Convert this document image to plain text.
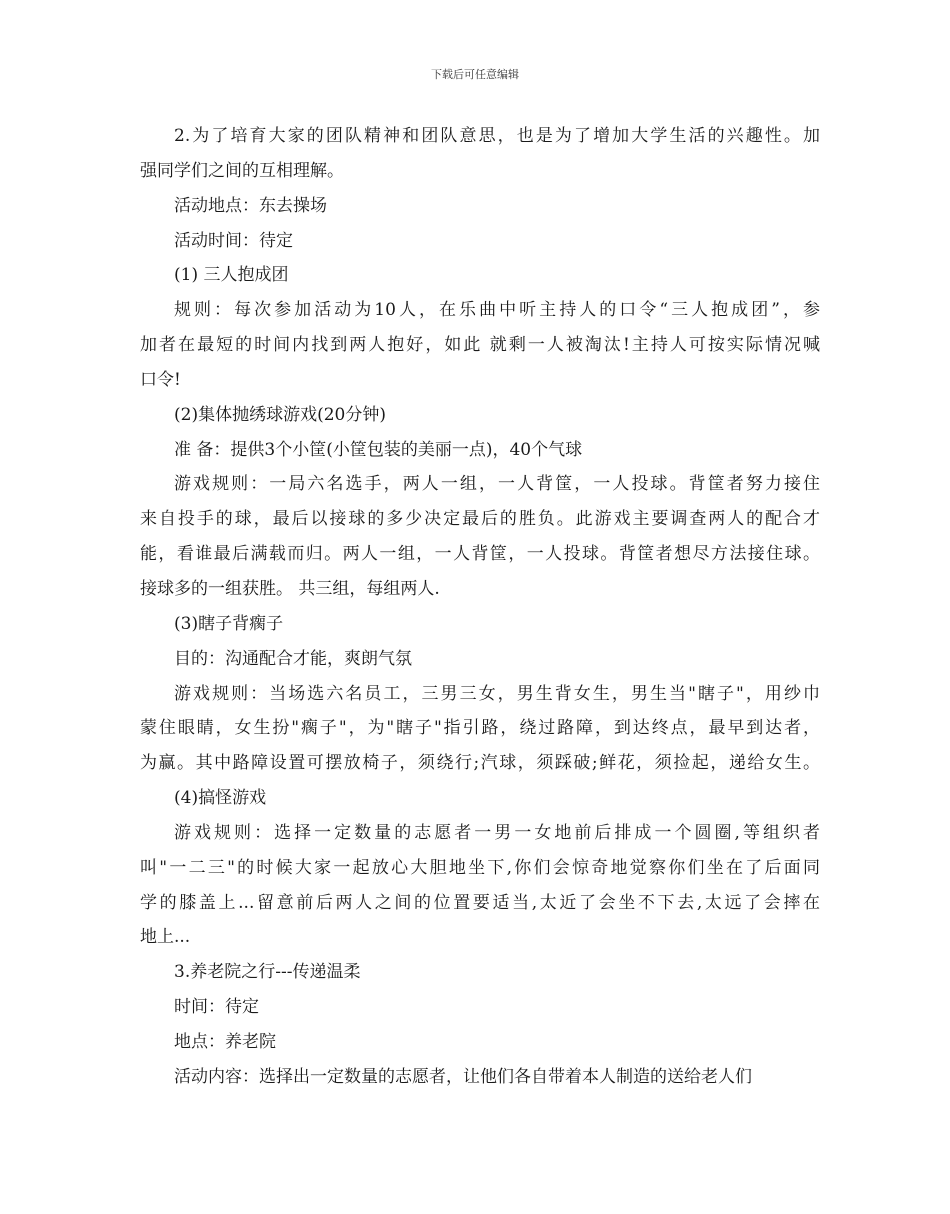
下载后可任意编辑
2.为了培育大家的团队精神和团队意思，也是为了增加大学生活的兴趣性。加
强同学们之间的互相理解。
活动地点：东去操场
活动时间：待定
(1) 三人抱成团
规则：每次参加活动为10人，在乐曲中听主持人的口令“三人抱成团”，参
加者在最短的时间内找到两人抱好，如此 就剩一人被淘汰!主持人可按实际情况喊
口令!
(2)集体抛绣球游戏(20分钟)
准 备：提供3个小筐(小筐包装的美丽一点)，40个气球
游戏规则：一局六名选手，两人一组，一人背筐，一人投球。背筐者努力接住
来自投手的球，最后以接球的多少决定最后的胜负。此游戏主要调查两人的配合才
能，看谁最后满载而归。两人一组，一人背筐，一人投球。背筐者想尽方法接住球。
接球多的一组获胜。 共三组，每组两人.
(3)瞎子背瘸子
目的：沟通配合才能，爽朗气氛
游戏规则：当场选六名员工，三男三女，男生背女生，男生当"瞎子"，用纱巾
蒙住眼睛，女生扮"瘸子"，为"瞎子"指引路，绕过路障，到达终点，最早到达者，
为赢。其中路障设置可摆放椅子，须绕行;汽球，须踩破;鲜花，须捡起，递给女生。
(4)搞怪游戏
游戏规则：选择一定数量的志愿者一男一女地前后排成一个圆圈,等组织者
叫"一二三"的时候大家一起放心大胆地坐下,你们会惊奇地觉察你们坐在了后面同
学的膝盖上...留意前后两人之间的位置要适当,太近了会坐不下去,太远了会摔在
地上...
3.养老院之行---传递温柔
时间：待定
地点：养老院
活动内容：选择出一定数量的志愿者，让他们各自带着本人制造的送给老人们
